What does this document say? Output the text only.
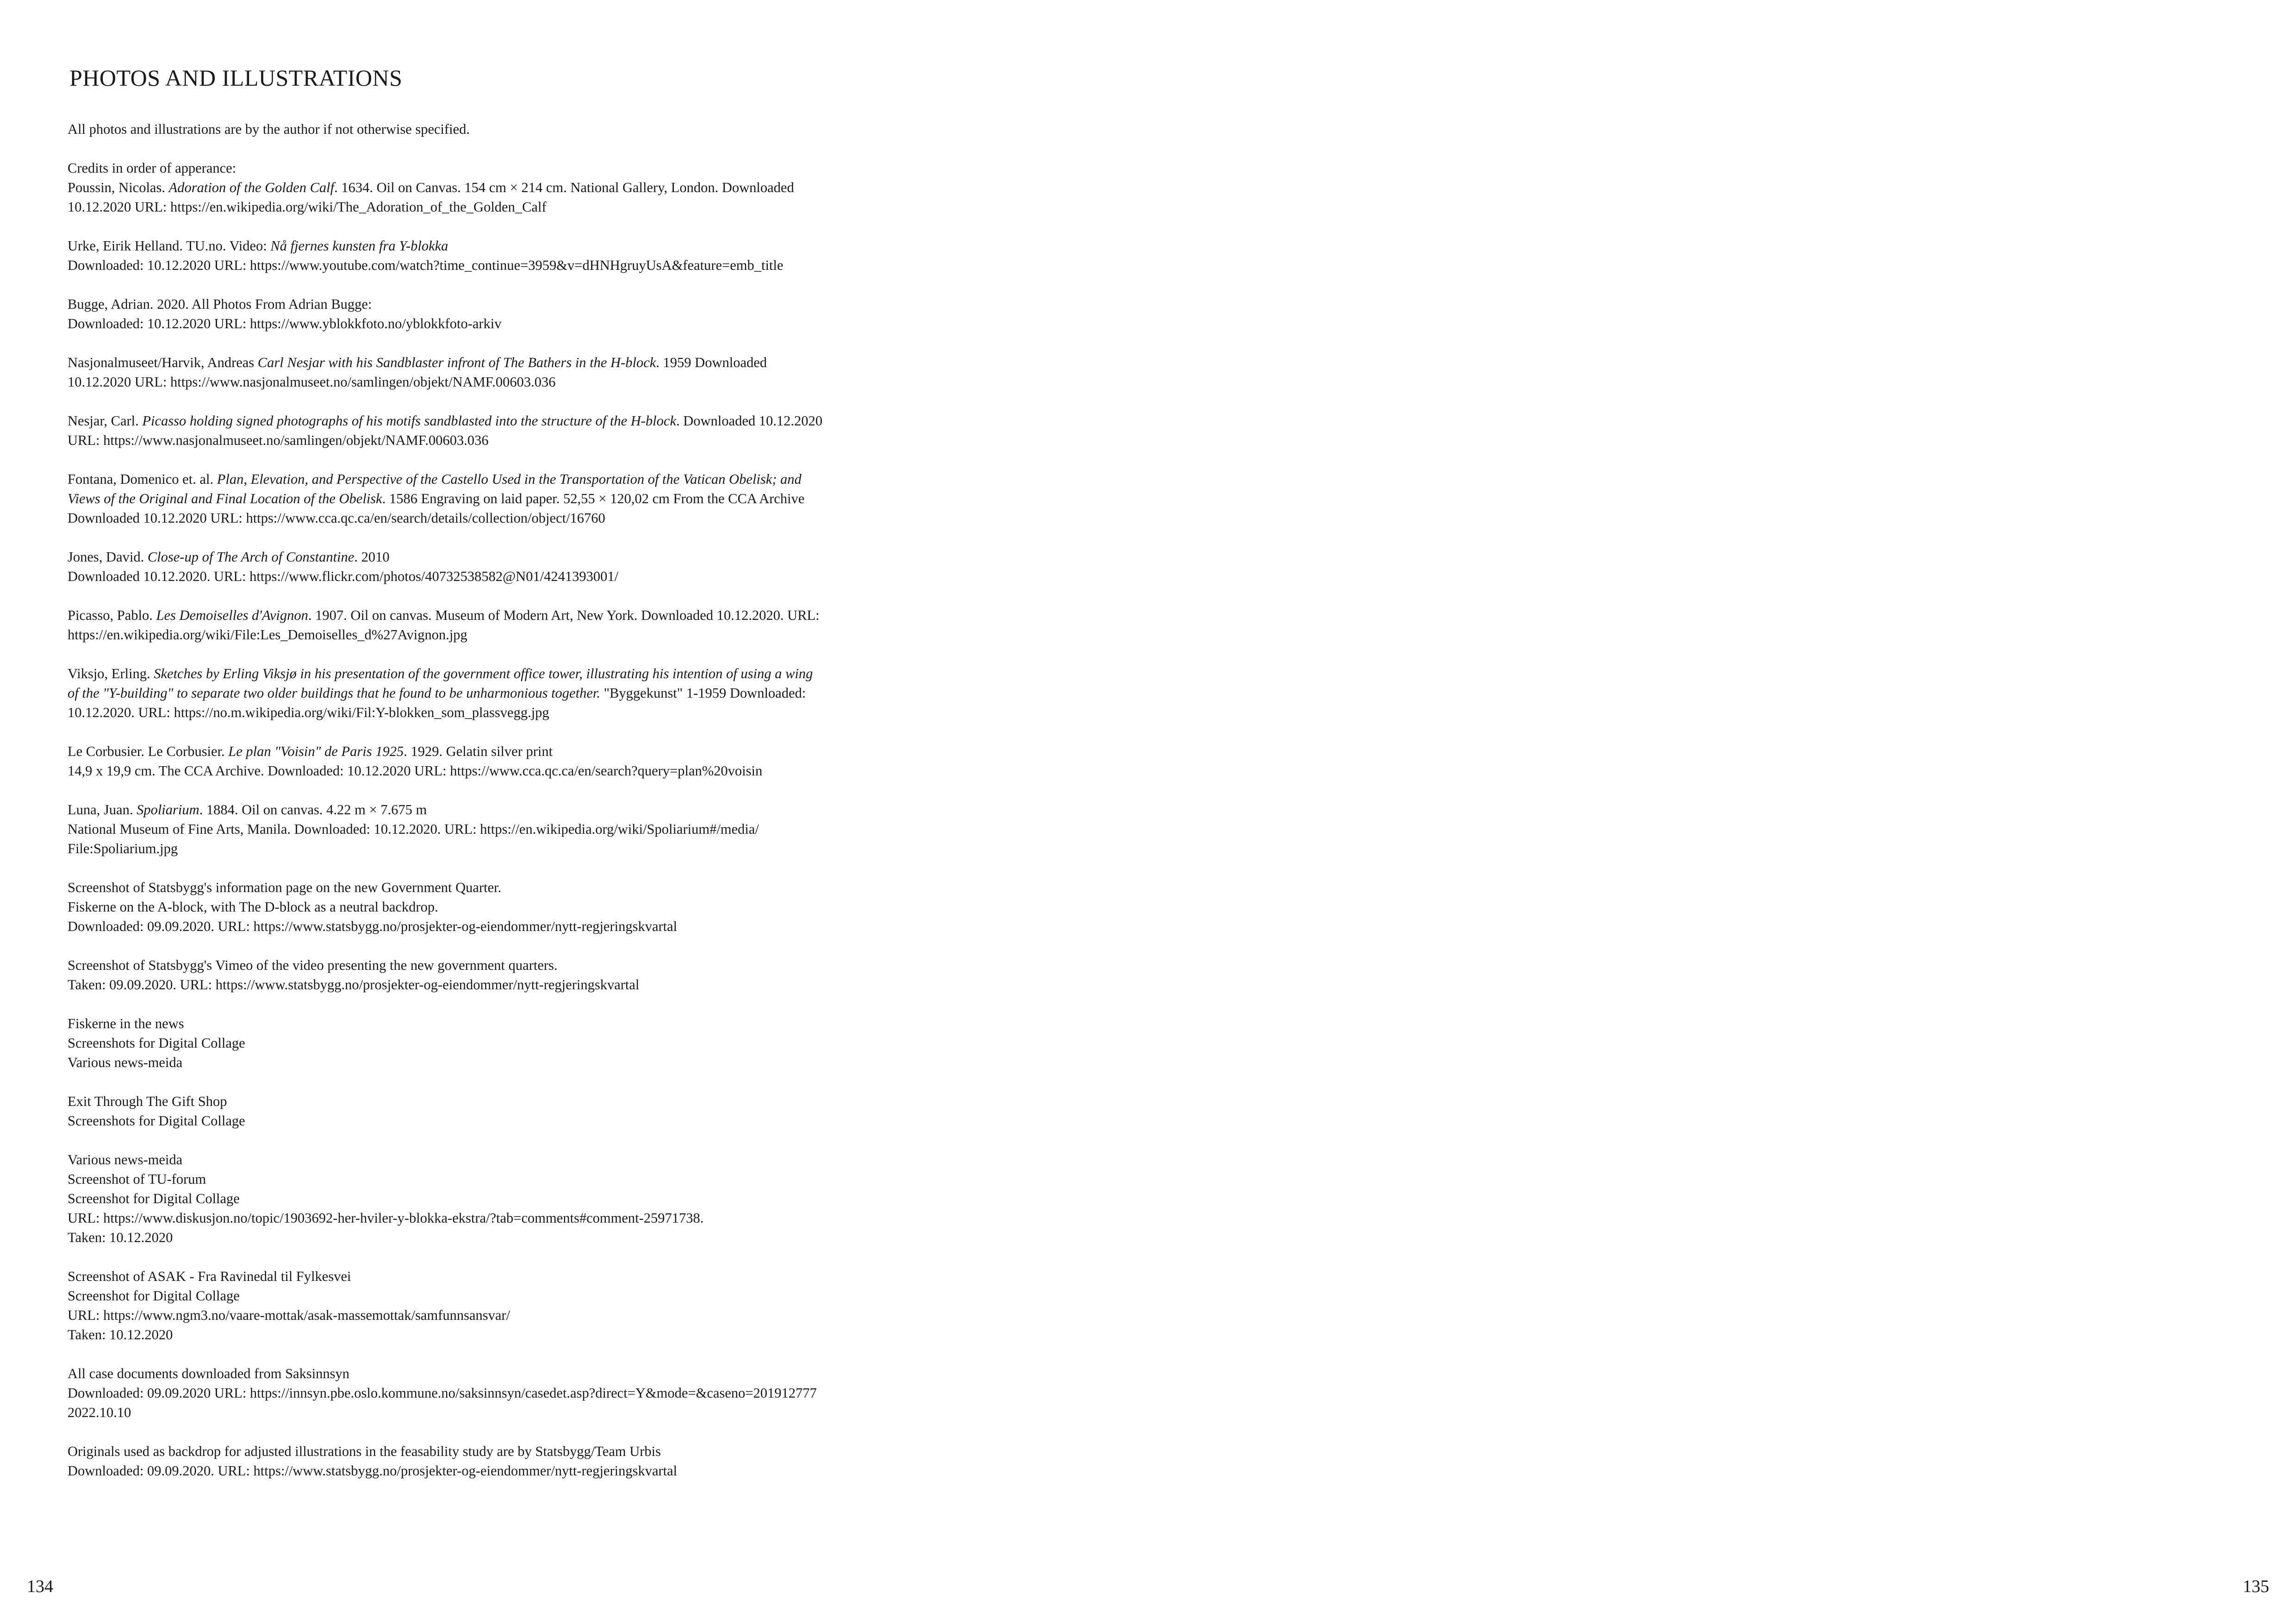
PHOTOS AND ILLUSTRATIONS

All photos and illustrations are by the author if not otherwise specified.

Credits in order of apperance:
Poussin, Nicolas. Adoration of the Golden Calf. 1634. Oil on Canvas. 154 cm × 214 cm. National Gallery, London. Downloaded
10.12.2020 URL: https://en.wikipedia.org/wiki/The_Adoration_of_the_Golden_Calf
Urke, Eirik Helland. TU.no. Video: Nå fjernes kunsten fra Y-blokka
Downloaded: 10.12.2020 URL: https://www.youtube.com/watch?time_continue=3959&v=dHNHgruyUsA&feature=emb_title
Bugge, Adrian. 2020. All Photos From Adrian Bugge:
Downloaded: 10.12.2020 URL: https://www.yblokkfoto.no/yblokkfoto-arkiv
Nasjonalmuseet/Harvik, Andreas Carl Nesjar with his Sandblaster infront of The Bathers in the H-block. 1959 Downloaded
10.12.2020 URL: https://www.nasjonalmuseet.no/samlingen/objekt/NAMF.00603.036
Nesjar, Carl. Picasso holding signed photographs of his motifs sandblasted into the structure of the H-block. Downloaded 10.12.2020
URL: https://www.nasjonalmuseet.no/samlingen/objekt/NAMF.00603.036
Fontana, Domenico et. al. Plan, Elevation, and Perspective of the Castello Used in the Transportation of the Vatican Obelisk; and
Views of the Original and Final Location of the Obelisk. 1586 Engraving on laid paper. 52,55 × 120,02 cm From the CCA Archive
Downloaded 10.12.2020 URL: https://www.cca.qc.ca/en/search/details/collection/object/16760
Jones, David. Close-up of The Arch of Constantine. 2010
Downloaded 10.12.2020. URL: https://www.flickr.com/photos/40732538582@N01/4241393001/
Picasso, Pablo. Les Demoiselles d'Avignon. 1907. Oil on canvas. Museum of Modern Art, New York. Downloaded 10.12.2020. URL:
https://en.wikipedia.org/wiki/File:Les_Demoiselles_d%27Avignon.jpg
Viksjo, Erling. Sketches by Erling Viksjø in his presentation of the government office tower, illustrating his intention of using a wing
of the "Y-building" to separate two older buildings that he found to be unharmonious together. "Byggekunst" 1-1959 Downloaded:
10.12.2020. URL: https://no.m.wikipedia.org/wiki/Fil:Y-blokken_som_plassvegg.jpg
Le Corbusier. Le Corbusier. Le plan "Voisin" de Paris 1925. 1929. Gelatin silver print
14,9 x 19,9 cm. The CCA Archive. Downloaded: 10.12.2020 URL: https://www.cca.qc.ca/en/search?query=plan%20voisin
Luna, Juan. Spoliarium. 1884. Oil on canvas. 4.22 m × 7.675 m
National Museum of Fine Arts, Manila. Downloaded: 10.12.2020. URL: https://en.wikipedia.org/wiki/Spoliarium#/media/
File:Spoliarium.jpg
Screenshot of Statsbygg's information page on the new Government Quarter.
Fiskerne on the A-block, with The D-block as a neutral backdrop.
Downloaded: 09.09.2020. URL: https://www.statsbygg.no/prosjekter-og-eiendommer/nytt-regjeringskvartal
Screenshot of Statsbygg's Vimeo of the video presenting the new government quarters.
Taken: 09.09.2020. URL: https://www.statsbygg.no/prosjekter-og-eiendommer/nytt-regjeringskvartal
Fiskerne in the news
Screenshots for Digital Collage
Various news-meida
Exit Through The Gift Shop
Screenshots for Digital Collage
Various news-meida
Screenshot of TU-forum
Screenshot for Digital Collage
URL: https://www.diskusjon.no/topic/1903692-her-hviler-y-blokka-ekstra/?tab=comments#comment-25971738.
Taken: 10.12.2020
Screenshot of ASAK - Fra Ravinedal til Fylkesvei
Screenshot for Digital Collage
URL: https://www.ngm3.no/vaare-mottak/asak-massemottak/samfunnsansvar/
Taken: 10.12.2020
All case documents downloaded from Saksinnsyn
Downloaded: 09.09.2020 URL: https://innsyn.pbe.oslo.kommune.no/saksinnsyn/casedet.asp?direct=Y&mode=&caseno=201912777
2022.10.10
Originals used as backdrop for adjusted illustrations in the feasability study are by Statsbygg/Team Urbis
Downloaded: 09.09.2020. URL: https://www.statsbygg.no/prosjekter-og-eiendommer/nytt-regjeringskvartal
134	135
